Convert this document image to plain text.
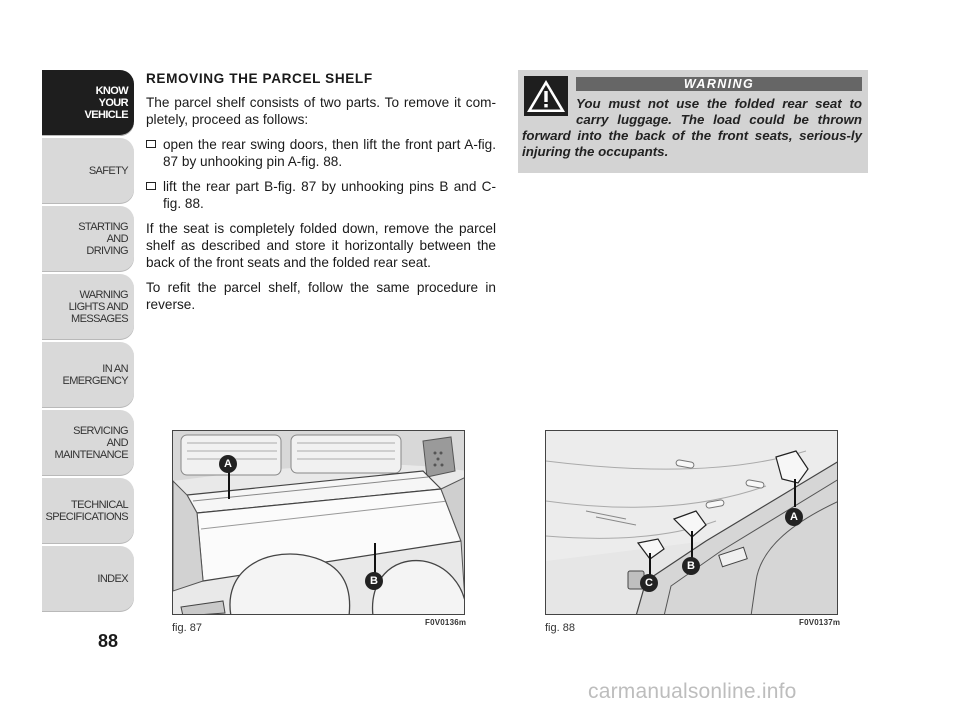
KNOW
YOUR
VEHICLE
SAFETY
STARTING
AND
DRIVING
WARNING
LIGHTS AND
MESSAGES
IN AN
EMERGENCY
SERVICING
AND
MAINTENANCE
TECHNICAL
SPECIFICATIONS
INDEX
88
REMOVING THE PARCEL SHELF

The parcel shelf consists of two parts. To remove it com-pletely, proceed as follows:

open the rear swing doors, then lift the front part A-fig. 87 by unhooking pin A-fig. 88.
lift the rear part B-fig. 87 by unhooking pins B and C-fig. 88.

If the seat is completely folded down, remove the parcel shelf as described and store it horizontally between the back of the front seats and the folded rear seat.

To refit the parcel shelf, follow the same procedure in reverse.

WARNING
You must not use the folded rear seat to carry luggage. The load could be thrown forward into the back of the front seats, serious-ly injuring the occupants.
A
B
fig. 87	F0V0136m
A
B
C
fig. 88	F0V0137m
carmanualsonline.info
